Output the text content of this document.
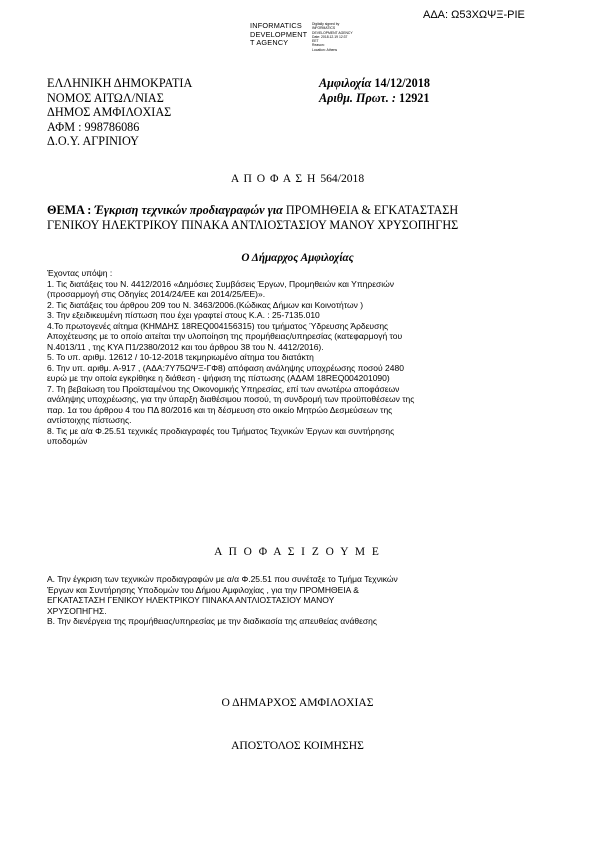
ΑΔΑ: Ω53ΧΩΨΞ-ΡΙΕ
INFORMATICS
DEVELOPMENT
T AGENCY
Digitally signed by
INFORMATICS
DEVELOPMENT AGENCY
Date: 2018.12.19 12:37
EET
Reason:
Location: Athens
ΕΛΛΗΝΙΚΗ ΔΗΜΟΚΡΑΤΙΑ
ΝΟΜΟΣ ΑΙΤΩΛ/ΝΙΑΣ
ΔΗΜΟΣ ΑΜΦΙΛΟΧΙΑΣ
ΑΦΜ : 998786086
Δ.Ο.Υ. ΑΓΡΙΝΙΟΥ
Αμφιλοχία 14/12/2018
Αριθμ. Πρωτ. : 12921
Α Π Ο Φ Α Σ Η 564/2018
ΘΕΜΑ : Έγκριση τεχνικών προδιαγραφών για ΠΡΟΜΗΘΕΙΑ & ΕΓΚΑΤΑΣΤΑΣΗ
ΓΕΝΙΚΟΥ ΗΛΕΚΤΡΙΚΟΥ ΠΙΝΑΚΑ ΑΝΤΛΙΟΣΤΑΣΙΟΥ ΜΑΝΟΥ ΧΡΥΣΟΠΗΓΗΣ
Ο Δήμαρχος Αμφιλοχίας
Έχοντας υπόψη :
1. Τις διατάξεις του Ν. 4412/2016 «Δημόσιες Συμβάσεις Έργων, Προμηθειών και Υπηρεσιών
(προσαρμογή στις Οδηγίες 2014/24/ΕΕ και 2014/25/ΕΕ)».
2. Τις διατάξεις του άρθρου 209 του Ν. 3463/2006.(Κώδικας Δήμων και Κοινοτήτων )
3. Την εξειδικευμένη πίστωση που έχει γραφτεί στους Κ.Α. : 25-7135.010
4.Το πρωτογενές αίτημα (ΚΗΜΔΗΣ 18REQ004156315) του τμήματος Ύδρευσης Άρδευσης
Αποχέτευσης με το οποίο αιτείται την υλοποίηση της προμήθειας/υπηρεσίας (κατεφαρμογή του
Ν.4013/11 , της ΚΥΑ Π1/2380/2012 και του άρθρου 38 του Ν. 4412/2016).
5. Το υπ. αριθμ. 12612 / 10-12-2018 τεκμηριωμένο αίτημα του διατάκτη
6. Την υπ. αριθμ. Α-917 , (ΑΔΑ:7Υ75ΩΨΞ-ΓΦ8) απόφαση ανάληψης υποχρέωσης ποσού 2480
ευρώ με την οποία εγκρίθηκε η διάθεση - ψήφιση της πίστωσης (ΑΔΑΜ 18REQ004201090)
7. Τη βεβαίωση του Προϊσταμένου της Οικονομικής Υπηρεσίας, επί των ανωτέρω αποφάσεων
ανάληψης υποχρέωσης, για την ύπαρξη διαθέσιμου ποσού, τη συνδρομή των προϋποθέσεων της
παρ. 1α του άρθρου 4 του ΠΔ 80/2016 και τη δέσμευση στο οικείο Μητρώο Δεσμεύσεων της
αντίστοιχης πίστωσης.
8. Τις με α/α Φ.25.51 τεχνικές προδιαγραφές του Τμήματος Τεχνικών Έργων και συντήρησης
υποδομών
Α Π Ο Φ Α Σ Ι Ζ Ο Υ Μ Ε
Α. Την έγκριση των τεχνικών προδιαγραφών με α/α Φ.25.51 που συνέταξε το Τμήμα Τεχνικών
Έργων και Συντήρησης Υποδομών του Δήμου Αμφιλοχίας , για την ΠΡΟΜΗΘΕΙΑ &
ΕΓΚΑΤΑΣΤΑΣΗ ΓΕΝΙΚΟΥ ΗΛΕΚΤΡΙΚΟΥ ΠΙΝΑΚΑ ΑΝΤΛΙΟΣΤΑΣΙΟΥ ΜΑΝΟΥ
ΧΡΥΣΟΠΗΓΗΣ.
Β. Την διενέργεια της προμήθειας/υπηρεσίας με την διαδικασία της απευθείας ανάθεσης
Ο ΔΗΜΑΡΧΟΣ ΑΜΦΙΛΟΧΙΑΣ
ΑΠΟΣΤΟΛΟΣ ΚΟΙΜΗΣΗΣ
